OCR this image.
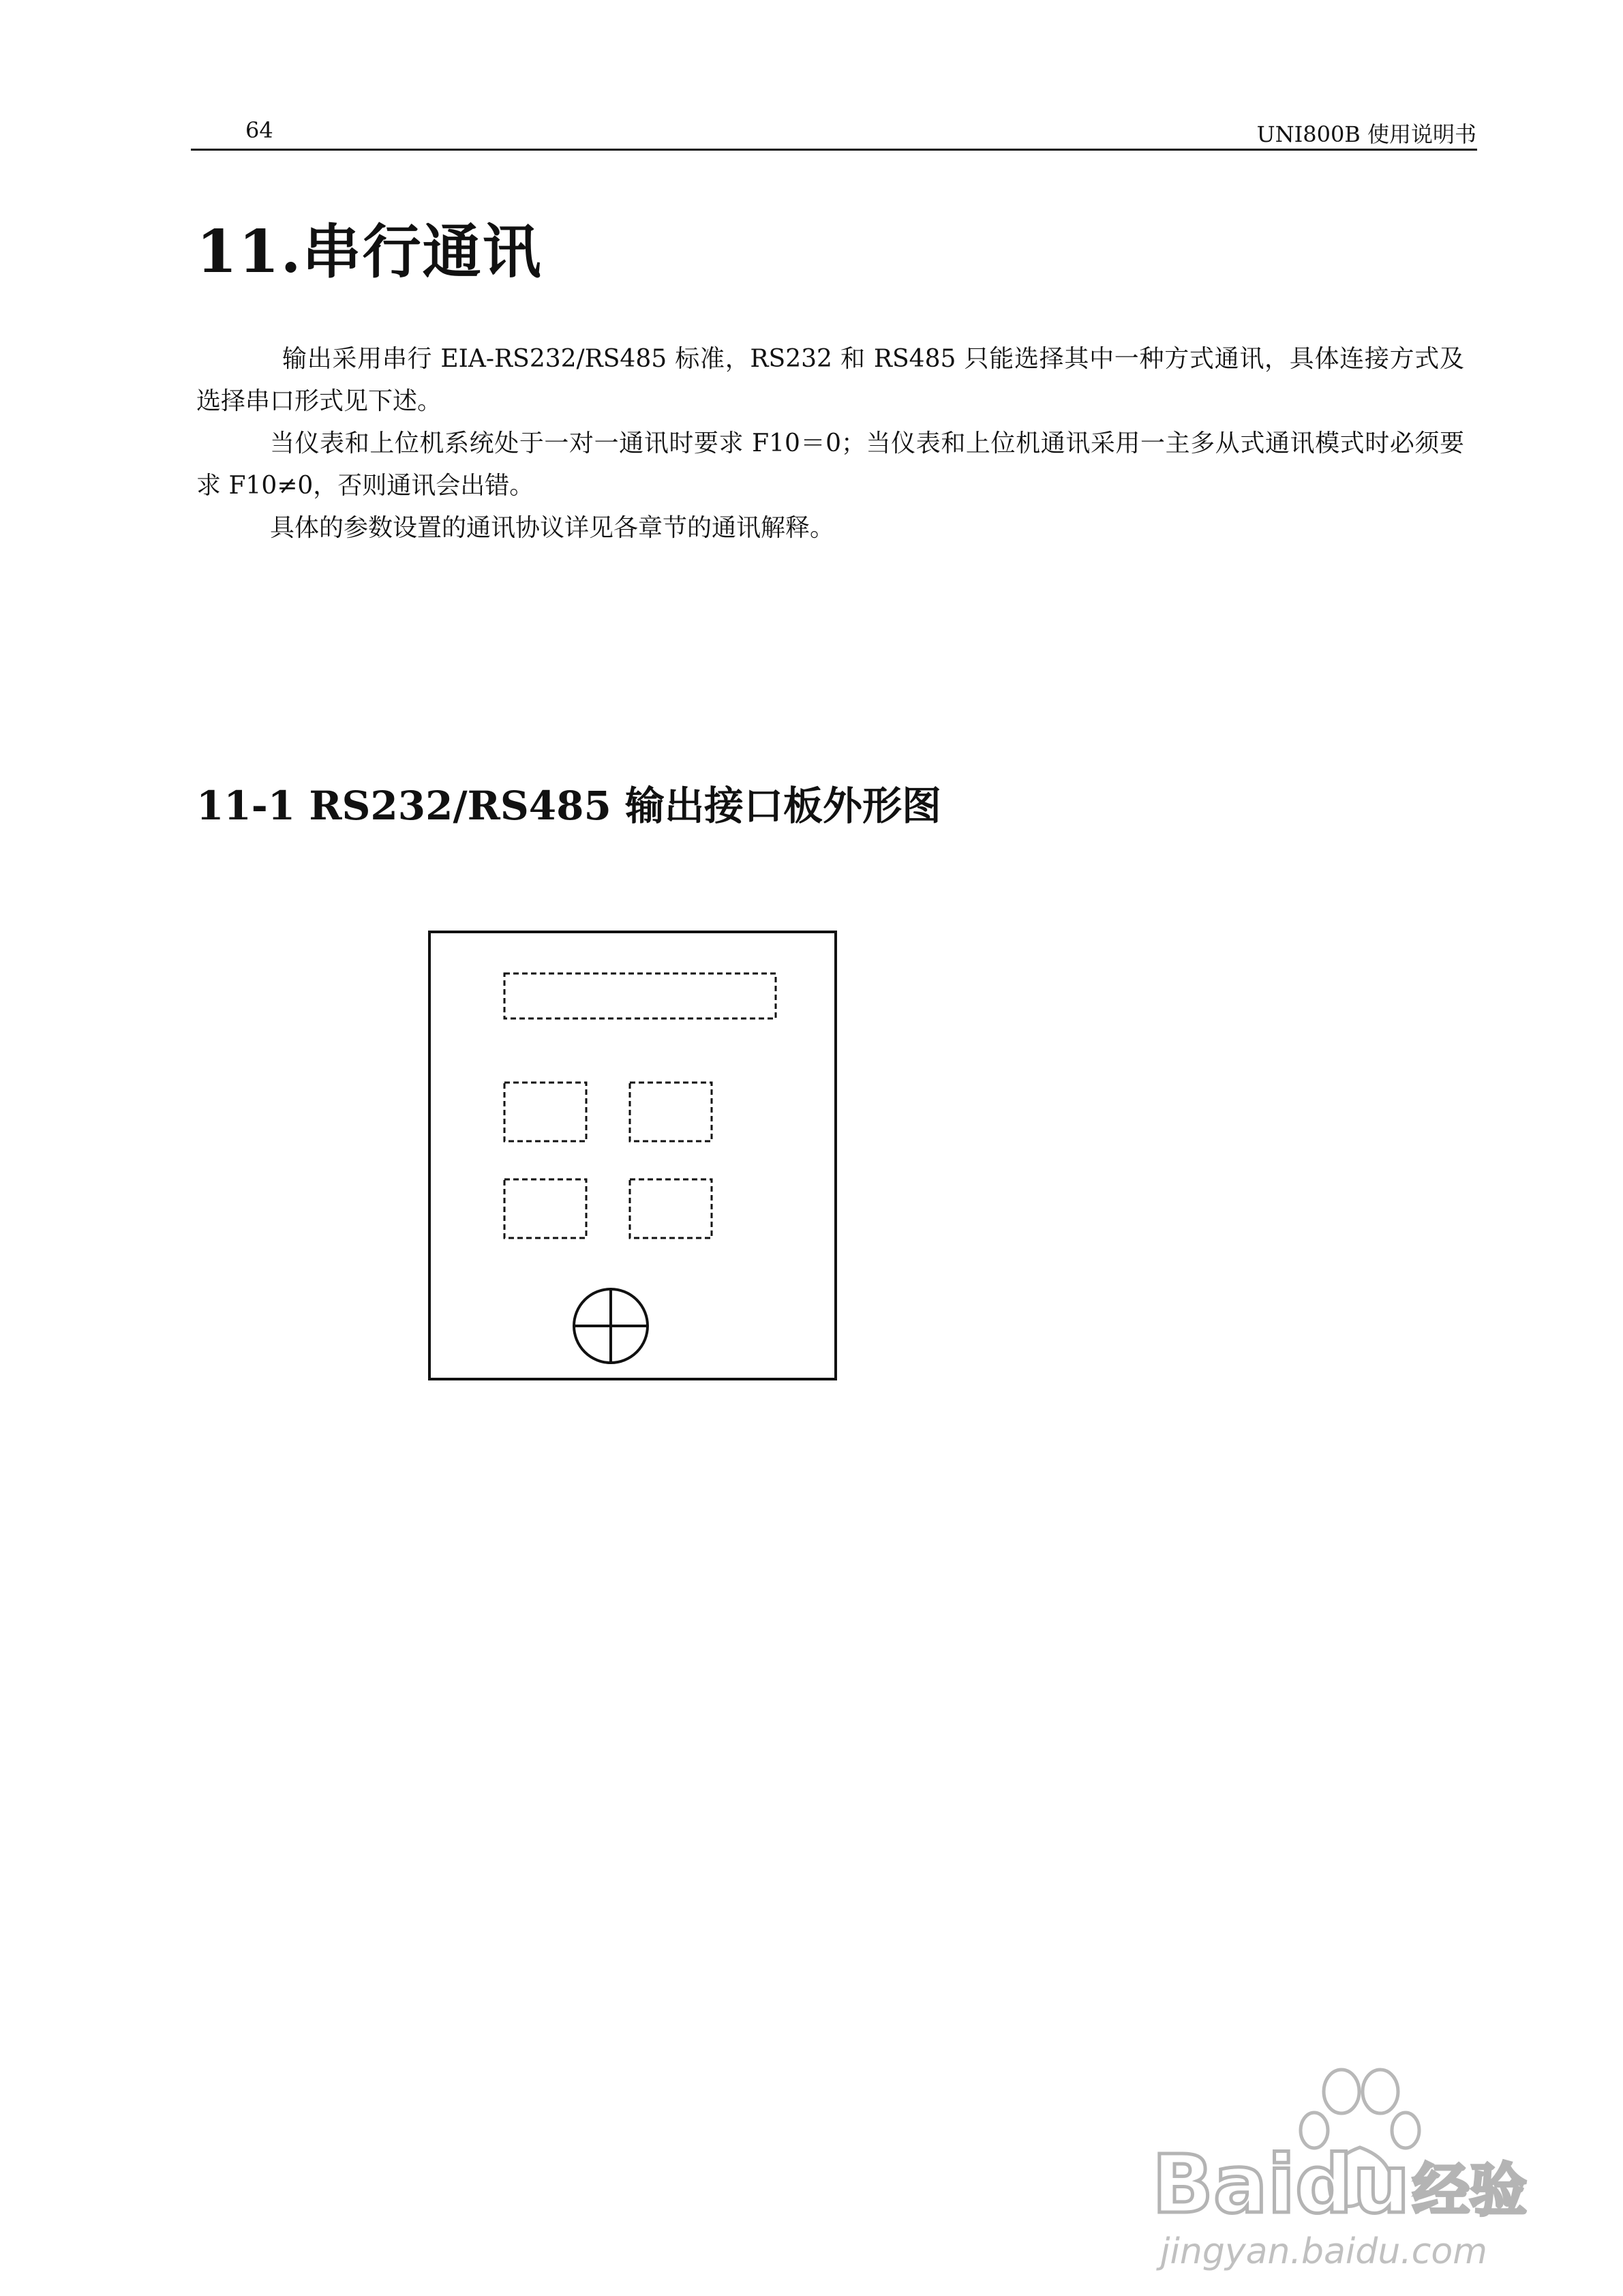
64	UNI800B 使用说明书
11.串行通讯

输出采用串行 EIA-RS232/RS485 标准，RS232 和 RS485 只能选择其中一种方式通讯，具体连接方式及选择串口形式见下述。

当仪表和上位机系统处于一对一通讯时要求 F10＝0；当仪表和上位机通讯采用一主多从式通讯模式时必须要求 F10≠0，否则通讯会出错。

具体的参数设置的通讯协议详见各章节的通讯解释。

11-1 RS232/RS485 输出接口板外形图
Baidu 经验
jingyan.baidu.com
